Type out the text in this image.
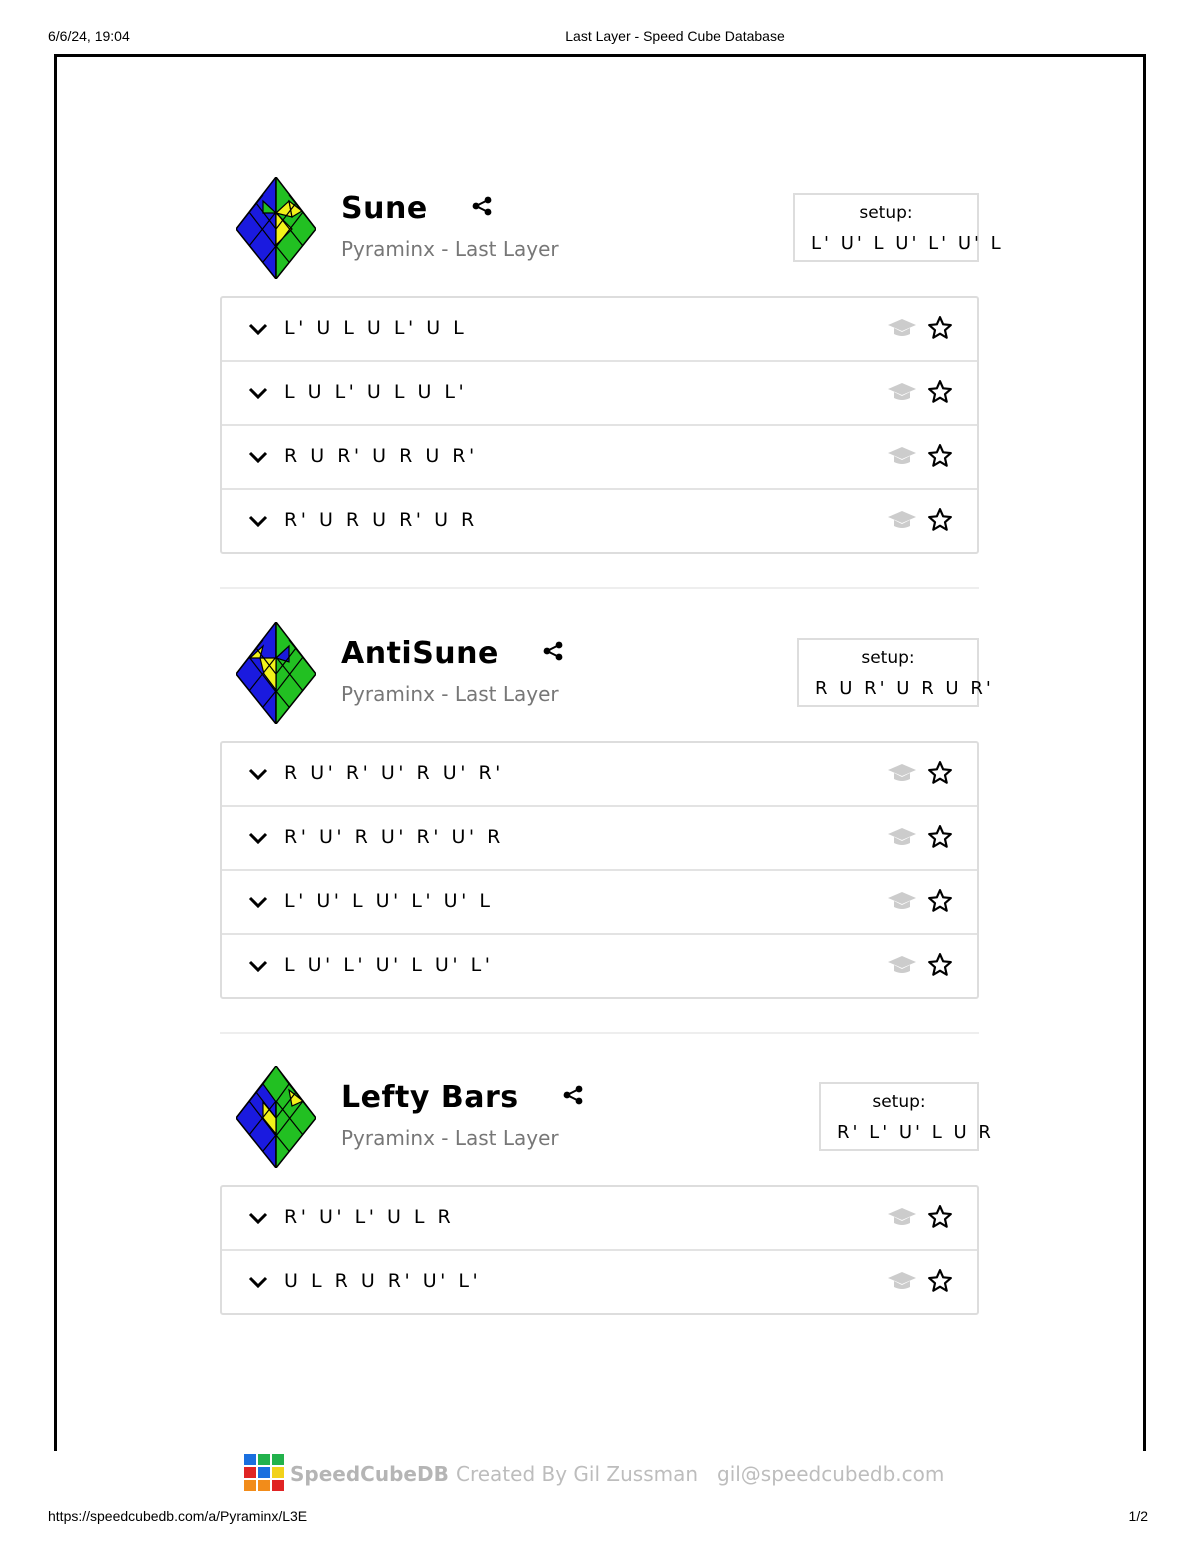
6/6/24, 19:04	Last Layer - Speed Cube Database
Sune
Pyraminx - Last Layer
setup:
L' U' L U' L' U' L
L' U L U L' U L
L U L' U L U L'
R U R' U R U R'
R' U R U R' U R
AntiSune
Pyraminx - Last Layer
setup:
R U R' U R U R'
R U' R' U' R U' R'
R' U' R U' R' U' R
L' U' L U' L' U' L
L U' L' U' L U' L'
Lefty Bars
Pyraminx - Last Layer
setup:
R' L' U' L U R
R' U' L' U L R
U L R U R' U' L'
SpeedCubeDB Created By Gil Zussman gil@speedcubedb.com
https://speedcubedb.com/a/Pyraminx/L3E	1/2
